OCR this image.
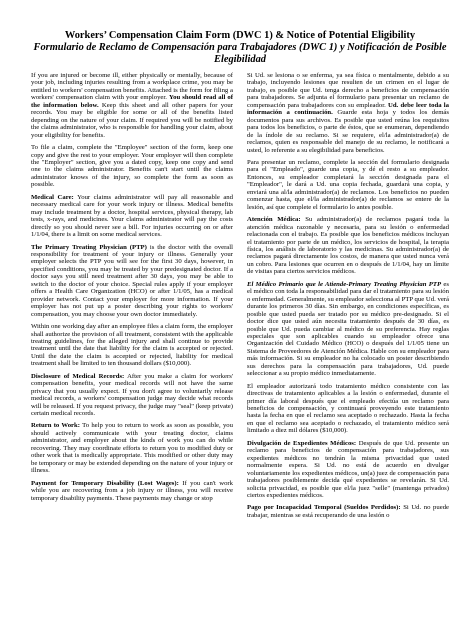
Workers’ Compensation Claim Form (DWC 1) & Notice of Potential Eligibility
Formulario de Reclamo de Compensación para Trabajadores (DWC 1) y Notificación de Posible Elegibilidad

If you are injured or become ill, either physically or mentally, because of your job, including injuries resulting from a workplace crime, you may be entitled to workers' compensation benefits. Attached is the form for filing a workers' compensation claim with your employer. You should read all of the information below. Keep this sheet and all other papers for your records. You may be eligible for some or all of the benefits listed depending on the nature of your claim. If required you will be notified by the claims administrator, who is responsible for handling your claim, about your eligibility for benefits.

To file a claim, complete the "Employee" section of the form, keep one copy and give the rest to your employer. Your employer will then complete the "Employer" section, give you a dated copy, keep one copy and send one to the claims administrator. Benefits can't start until the claims administrator knows of the injury, so complete the form as soon as possible.

Medical Care: Your claims administrator will pay all reasonable and necessary medical care for your work injury or illness. Medical benefits may include treatment by a doctor, hospital services, physical therapy, lab tests, x-rays, and medicines. Your claims administrator will pay the costs directly so you should never see a bill. For injuries occurring on or after 1/1/04, there is a limit on some medical services.

The Primary Treating Physician (PTP) is the doctor with the overall responsibility for treatment of your injury or illness. Generally your employer selects the PTP you will see for the first 30 days, however, in specified conditions, you may be treated by your predesignated doctor. If a doctor says you still need treatment after 30 days, you may be able to switch to the doctor of your choice. Special rules apply if your employer offers a Health Care Organization (HCO) or after 1/1/05, has a medical provider network. Contact your employer for more information. If your employer has not put up a poster describing your rights to workers' compensation, you may choose your own doctor immediately.

Within one working day after an employee files a claim form, the employer shall authorize the provision of all treatment, consistent with the applicable treating guidelines, for the alleged injury and shall continue to provide treatment until the date that liability for the claim is accepted or rejected. Until the date the claim is accepted or rejected, liability for medical treatment shall be limited to ten thousand dollars ($10,000).

Disclosure of Medical Records: After you make a claim for workers' compensation benefits, your medical records will not have the same privacy that you usually expect. If you don't agree to voluntarily release medical records, a workers' compensation judge may decide what records will be released. If you request privacy, the judge may "seal" (keep private) certain medical records.

Return to Work: To help you to return to work as soon as possible, you should actively communicate with your treating doctor, claims administrator, and employer about the kinds of work you can do while recovering. They may coordinate efforts to return you to modified duty or other work that is medically appropriate. This modified or other duty may be temporary or may be extended depending on the nature of your injury or illness.

Payment for Temporary Disability (Lost Wages): If you can't work while you are recovering from a job injury or illness, you will receive temporary disability payments. These payments may change or stop

Si Ud. se lesiona o se enferma, ya sea física o mentalmente, debido a su trabajo, incluyendo lesiones que resulten de un crimen en el lugar de trabajo, es posible que Ud. tenga derecho a beneficios de compensación para trabajadores. Se adjunta el formulario para presentar un reclamo de compensación para trabajadores con su empleador. Ud. debe leer toda la información a continuación. Guarde esta hoja y todos los demás documentos para sus archivos. Es posible que usted reúna los requisitos para todos los beneficios, o parte de éstos, que se enumeran, dependiendo de la índole de su reclamo. Si se requiere, el/la administrador(a) de reclamos, quien es responsable del manejo de su reclamo, le notificará a usted, lo referente a su elegibilidad para beneficios.

Para presentar un reclamo, complete la sección del formulario designada para el "Empleado", guarde una copia, y dé el resto a su empleador. Entonces, su empleador completará la sección designada para el "Empleador", le dará a Ud. una copia fechada, guardará una copia, y enviará una al/la administrador(a) de reclamos. Los beneficios no pueden comenzar hasta, que el/la administrador(a) de reclamos se entere de la lesión, así que complete el formulario lo antes posible.

Atención Médica: Su administrador(a) de reclamos pagará toda la atención médica razonable y necesaria, para su lesión o enfermedad relacionada con el trabajo. Es posible que los beneficios médicos incluyan el tratamiento por parte de un médico, los servicios de hospital, la terapia física, los análisis de laboratorio y las medicinas. Su administrador(a) de reclamos pagará directamente los costos, de manera que usted nunca verá un cobro. Para lesiones que ocurren en o después de 1/1/04, hay un límite de visitas para ciertos servicios médicos.

El Médico Primario que le Atiende-Primary Treating Physician PTP es el médico con toda la responsabilidad para dar el tratamiento para su lesión o enfermedad. Generalmente, su empleador selecciona al PTP que Ud. verá durante los primeros 30 días. Sin embargo, en condiciones específicas, es posible que usted pueda ser tratado por su médico pre-designado. Si el doctor dice que usted aún necesita tratamiento después de 30 días, es posible que Ud. pueda cambiar al médico de su preferencia. Hay reglas especiales que son aplicables cuando su empleador ofrece una Organización del Cuidado Médico (HCO) o después del 1/1/05 tiene un Sistema de Proveedores de Atención Médica. Hable con su empleador para más información. Si su empleador no ha colocado un poster describiendo sus derechos para la compensación para trabajadores, Ud. puede seleccionar a su propio médico inmediatamente.

El empleador autorizará todo tratamiento médico consistente con las directivas de tratamiento aplicables a la lesión o enfermedad, durante el primer día laboral después que el empleado efectúa un reclamo para beneficios de compensación, y continuará proveyendo este tratamiento hasta la fecha en que el reclamo sea aceptado o rechazado. Hasta la fecha en que el reclamo sea aceptado o rechazado, el tratamiento médico será limitado a diez mil dólares ($10,000).

Divulgación de Expedientes Médicos: Después de que Ud. presente un reclamo para beneficios de compensación para trabajadores, sus expedientes médicos no tendrán la misma privacidad que usted normalmente espera. Si Ud. no está de acuerdo en divulgar voluntariamente los expedientes médicos, un(a) juez de compensación para trabajadores posiblemente decida qué expedientes se revelarán. Si Ud. solicita privacidad, es posible que el/la juez "selle" (mantenga privados) ciertos expedientes médicos.

Pago por Incapacidad Temporal (Sueldos Perdidos): Si Ud. no puede trabajar, mientras se está recuperando de una lesión o
